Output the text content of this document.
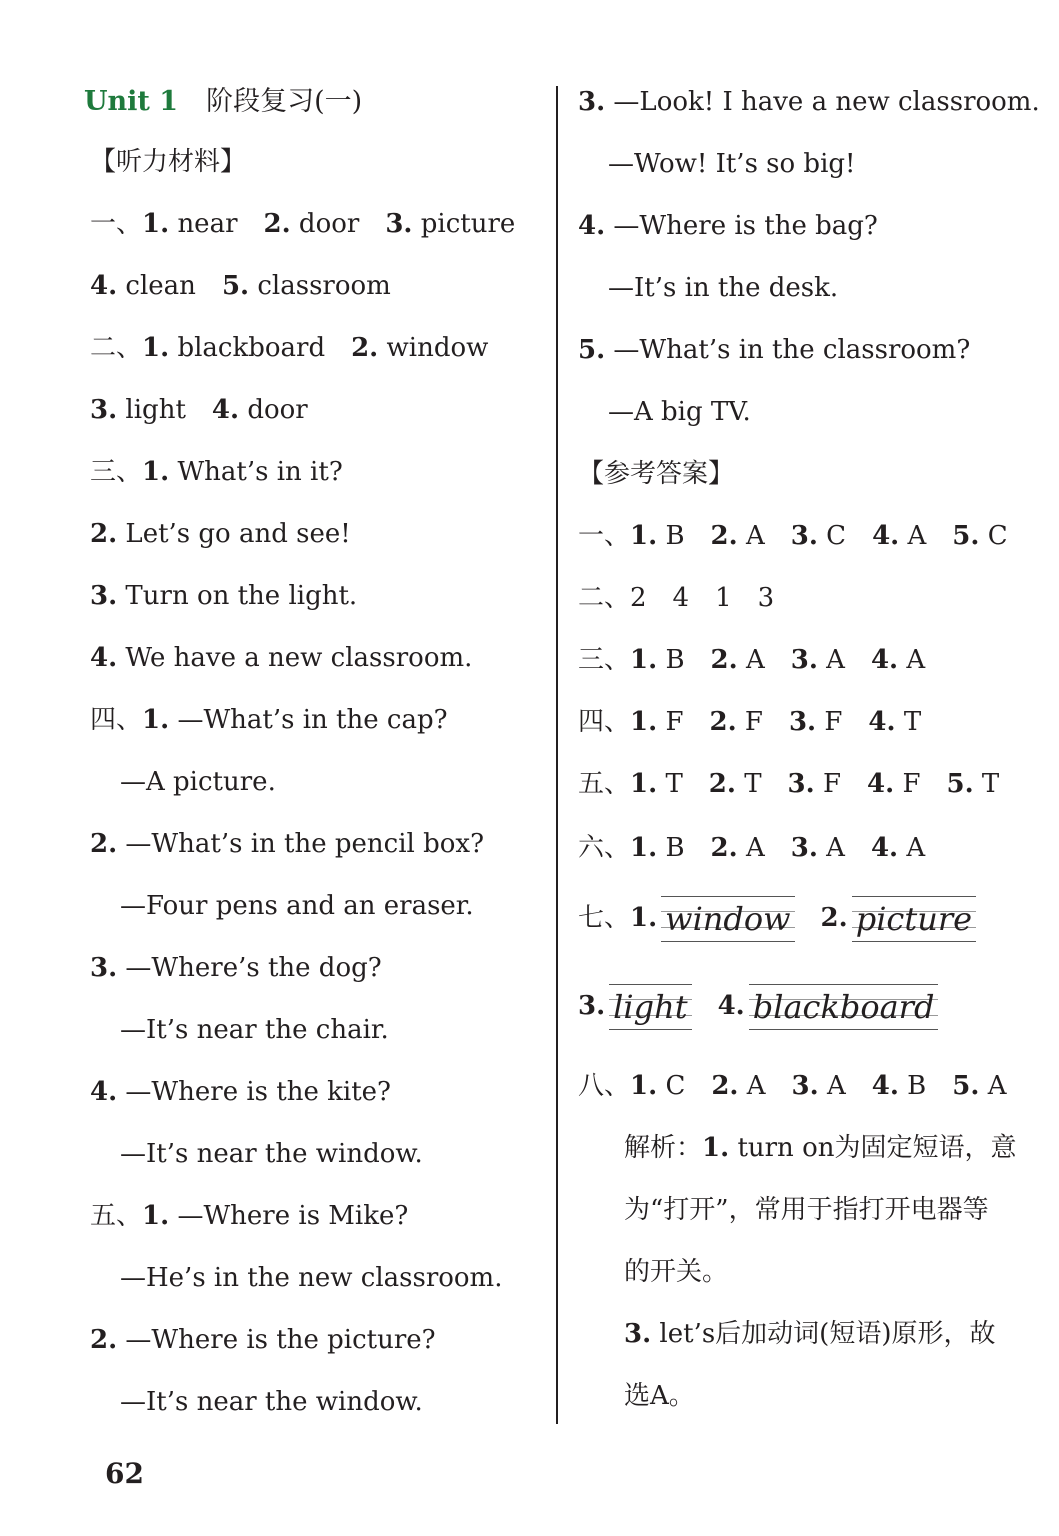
Unit 1 阶段复习(一)
【听力材料】
一、1. near 2. door 3. picture
4. clean 5. classroom
二、1. blackboard 2. window
3. light 4. door
三、1. What’s in it?
2. Let’s go and see!
3. Turn on the light.
4. We have a new classroom.
四、1. —What’s in the cap?
—A picture.
2. —What’s in the pencil box?
—Four pens and an eraser.
3. —Where’s the dog?
—It’s near the chair.
4. —Where is the kite?
—It’s near the window.
五、1. —Where is Mike?
—He’s in the new classroom.
2. —Where is the picture?
—It’s near the window.
3. —Look! I have a new classroom.
—Wow! It’s so big!
4. —Where is the bag?
—It’s in the desk.
5. —What’s in the classroom?
—A big TV.
【参考答案】
一、1. B 2. A 3. C 4. A 5. C
二、2　4　1　3
三、1. B 2. A 3. A 4. A
四、1. F 2. F 3. F 4. T
五、1. T 2. T 3. F 4. F 5. T
六、1. B 2. A 3. A 4. A
七、1. window 2. picture
3. light 4. blackboard
八、1. C 2. A 3. A 4. B 5. A
解析：1. turn on为固定短语，意
为“打开”，常用于指打开电器等
的开关。
3. let’s后加动词(短语)原形，故
选A。
62
